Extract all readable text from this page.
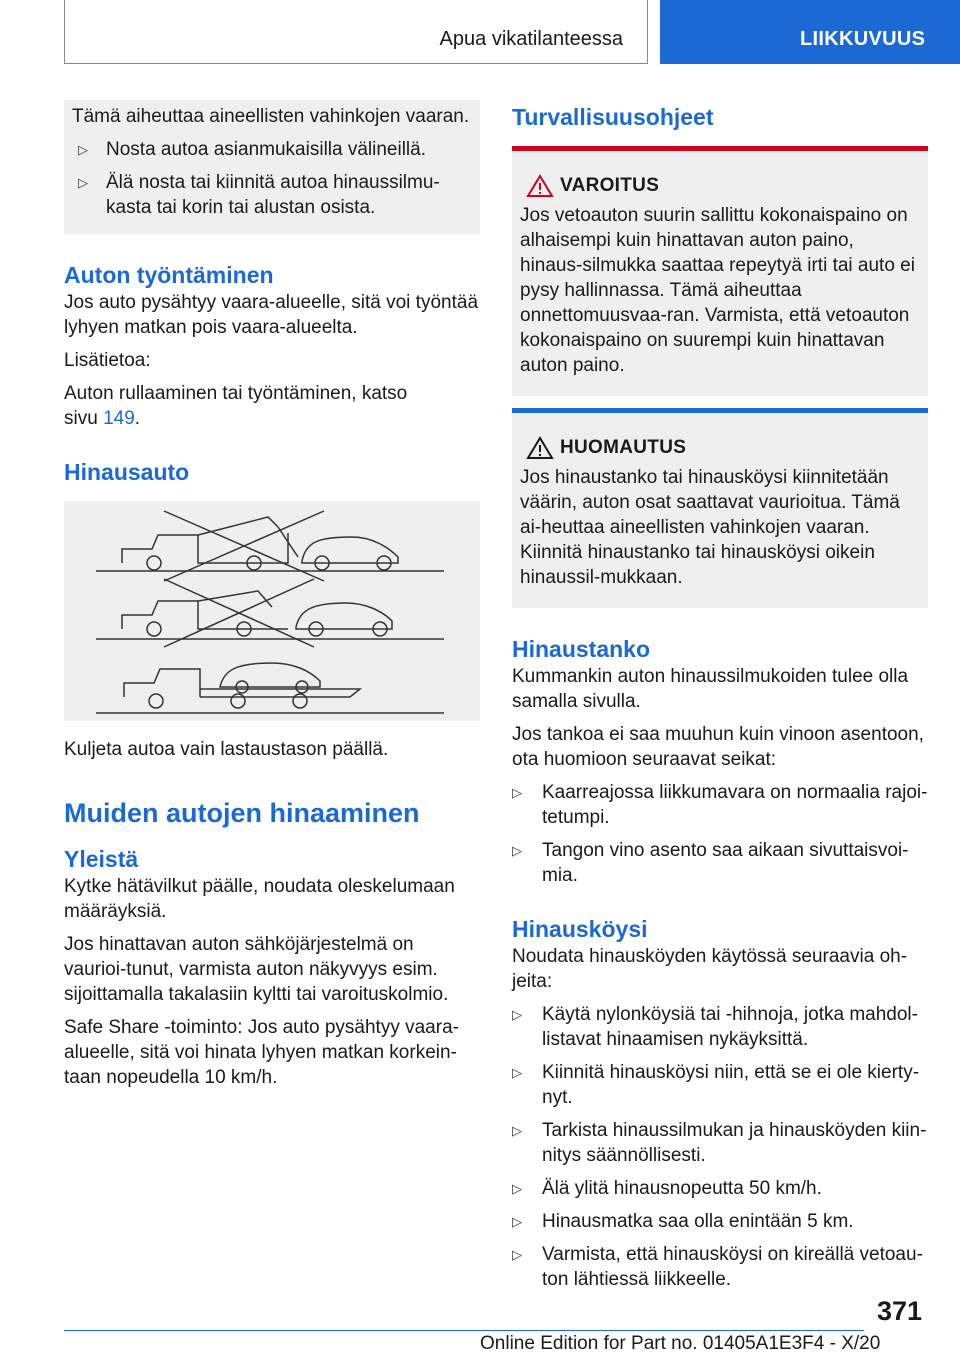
Apua vikatilanteessa	LIIKKUVUUS

Tämä aiheuttaa aineellisten vahinkojen vaaran.

▷ Nosta autoa asianmukaisilla välineillä.
▷ Älä nosta tai kiinnitä autoa hinaussilmu‐kasta tai korin tai alustan osista.
Auton työntäminen

Jos auto pysähtyy vaara-alueelle, sitä voi työntää lyhyen matkan pois vaara-alueelta.

Lisätietoa:

Auton rullaaminen tai työntäminen, katso
sivu 149.

Hinausauto

Kuljeta autoa vain lastaustason päällä.

Muiden autojen hinaaminen
Yleistä

Kytke hätävilkut päälle, noudata oleskelumaan määräyksiä.

Jos hinattavan auton sähköjärjestelmä on vaurioi‐tunut, varmista auton näkyvyys esim. sijoittamalla takalasiin kyltti tai varoituskolmio.

Safe Share -toiminto: Jos auto pysähtyy vaara-alueelle, sitä voi hinata lyhyen matkan korkein‐taan nopeudella 10 km/h.

Turvallisuusohjeet
VAROITUS

Jos vetoauton suurin sallittu kokonaispaino on alhaisempi kuin hinattavan auton paino, hinaus‐silmukka saattaa repeytyä irti tai auto ei pysy hallinnassa. Tämä aiheuttaa onnettomuusvaa‐ran. Varmista, että vetoauton kokonaispaino on suurempi kuin hinattavan auton paino.

HUOMAUTUS

Jos hinaustanko tai hinausköysi kiinnitetään väärin, auton osat saattavat vaurioitua. Tämä ai‐heuttaa aineellisten vahinkojen vaaran. Kiinnitä hinaustanko tai hinausköysi oikein hinaussil‐mukkaan.

Hinaustanko

Kummankin auton hinaussilmukoiden tulee olla samalla sivulla.

Jos tankoa ei saa muuhun kuin vinoon asentoon, ota huomioon seuraavat seikat:

▷	Kaarreajossa liikkumavara on normaalia rajoi‐tetumpi.
▷	Tangon vino asento saa aikaan sivuttaisvoi‐mia.
Hinausköysi

Noudata hinausköyden käytössä seuraavia oh‐jeita:

▷	Käytä nylonköysiä tai -hihnoja, jotka mahdol‐listavat hinaamisen nykäyksittä.
▷	Kiinnitä hinausköysi niin, että se ei ole kierty‐nyt.
▷	Tarkista hinaussilmukan ja hinausköyden kiin‐nitys säännöllisesti.
▷	Älä ylitä hinausnopeutta 50 km/h.
▷	Hinausmatka saa olla enintään 5 km.
▷	Varmista, että hinausköysi on kireällä vetoau‐ton lähtiessä liikkeelle.
371
Online Edition for Part no. 01405A1E3F4 - X/20
